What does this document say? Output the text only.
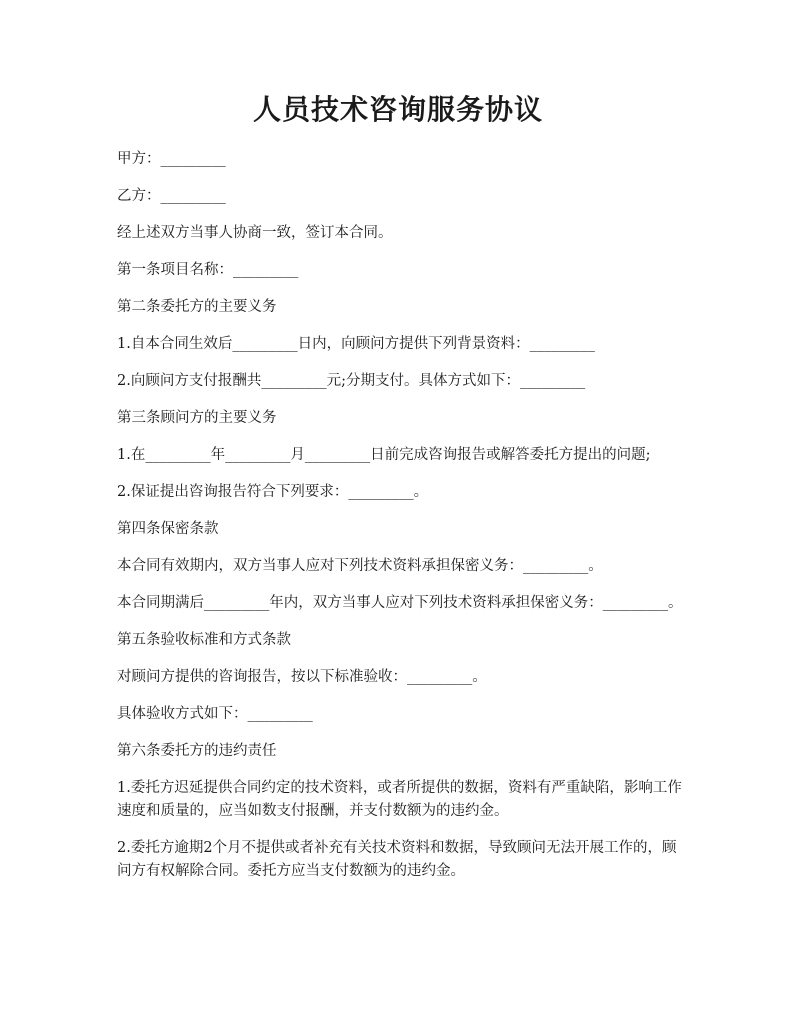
人员技术咨询服务协议

甲方：_________

乙方：_________

经上述双方当事人协商一致，签订本合同。

第一条项目名称：_________

第二条委托方的主要义务

1.自本合同生效后_________日内，向顾问方提供下列背景资料：_________

2.向顾问方支付报酬共_________元;分期支付。具体方式如下：_________

第三条顾问方的主要义务

1.在_________年_________月_________日前完成咨询报告或解答委托方提出的问题;

2.保证提出咨询报告符合下列要求：_________。

第四条保密条款

本合同有效期内，双方当事人应对下列技术资料承担保密义务：_________。

本合同期满后_________年内，双方当事人应对下列技术资料承担保密义务：_________。

第五条验收标准和方式条款

对顾问方提供的咨询报告，按以下标准验收：_________。

具体验收方式如下：_________

第六条委托方的违约责任

1.委托方迟延提供合同约定的技术资料，或者所提供的数据，资料有严重缺陷，影响工作速度和质量的，应当如数支付报酬，并支付数额为的违约金。

2.委托方逾期2个月不提供或者补充有关技术资料和数据，导致顾问无法开展工作的，顾问方有权解除合同。委托方应当支付数额为的违约金。
